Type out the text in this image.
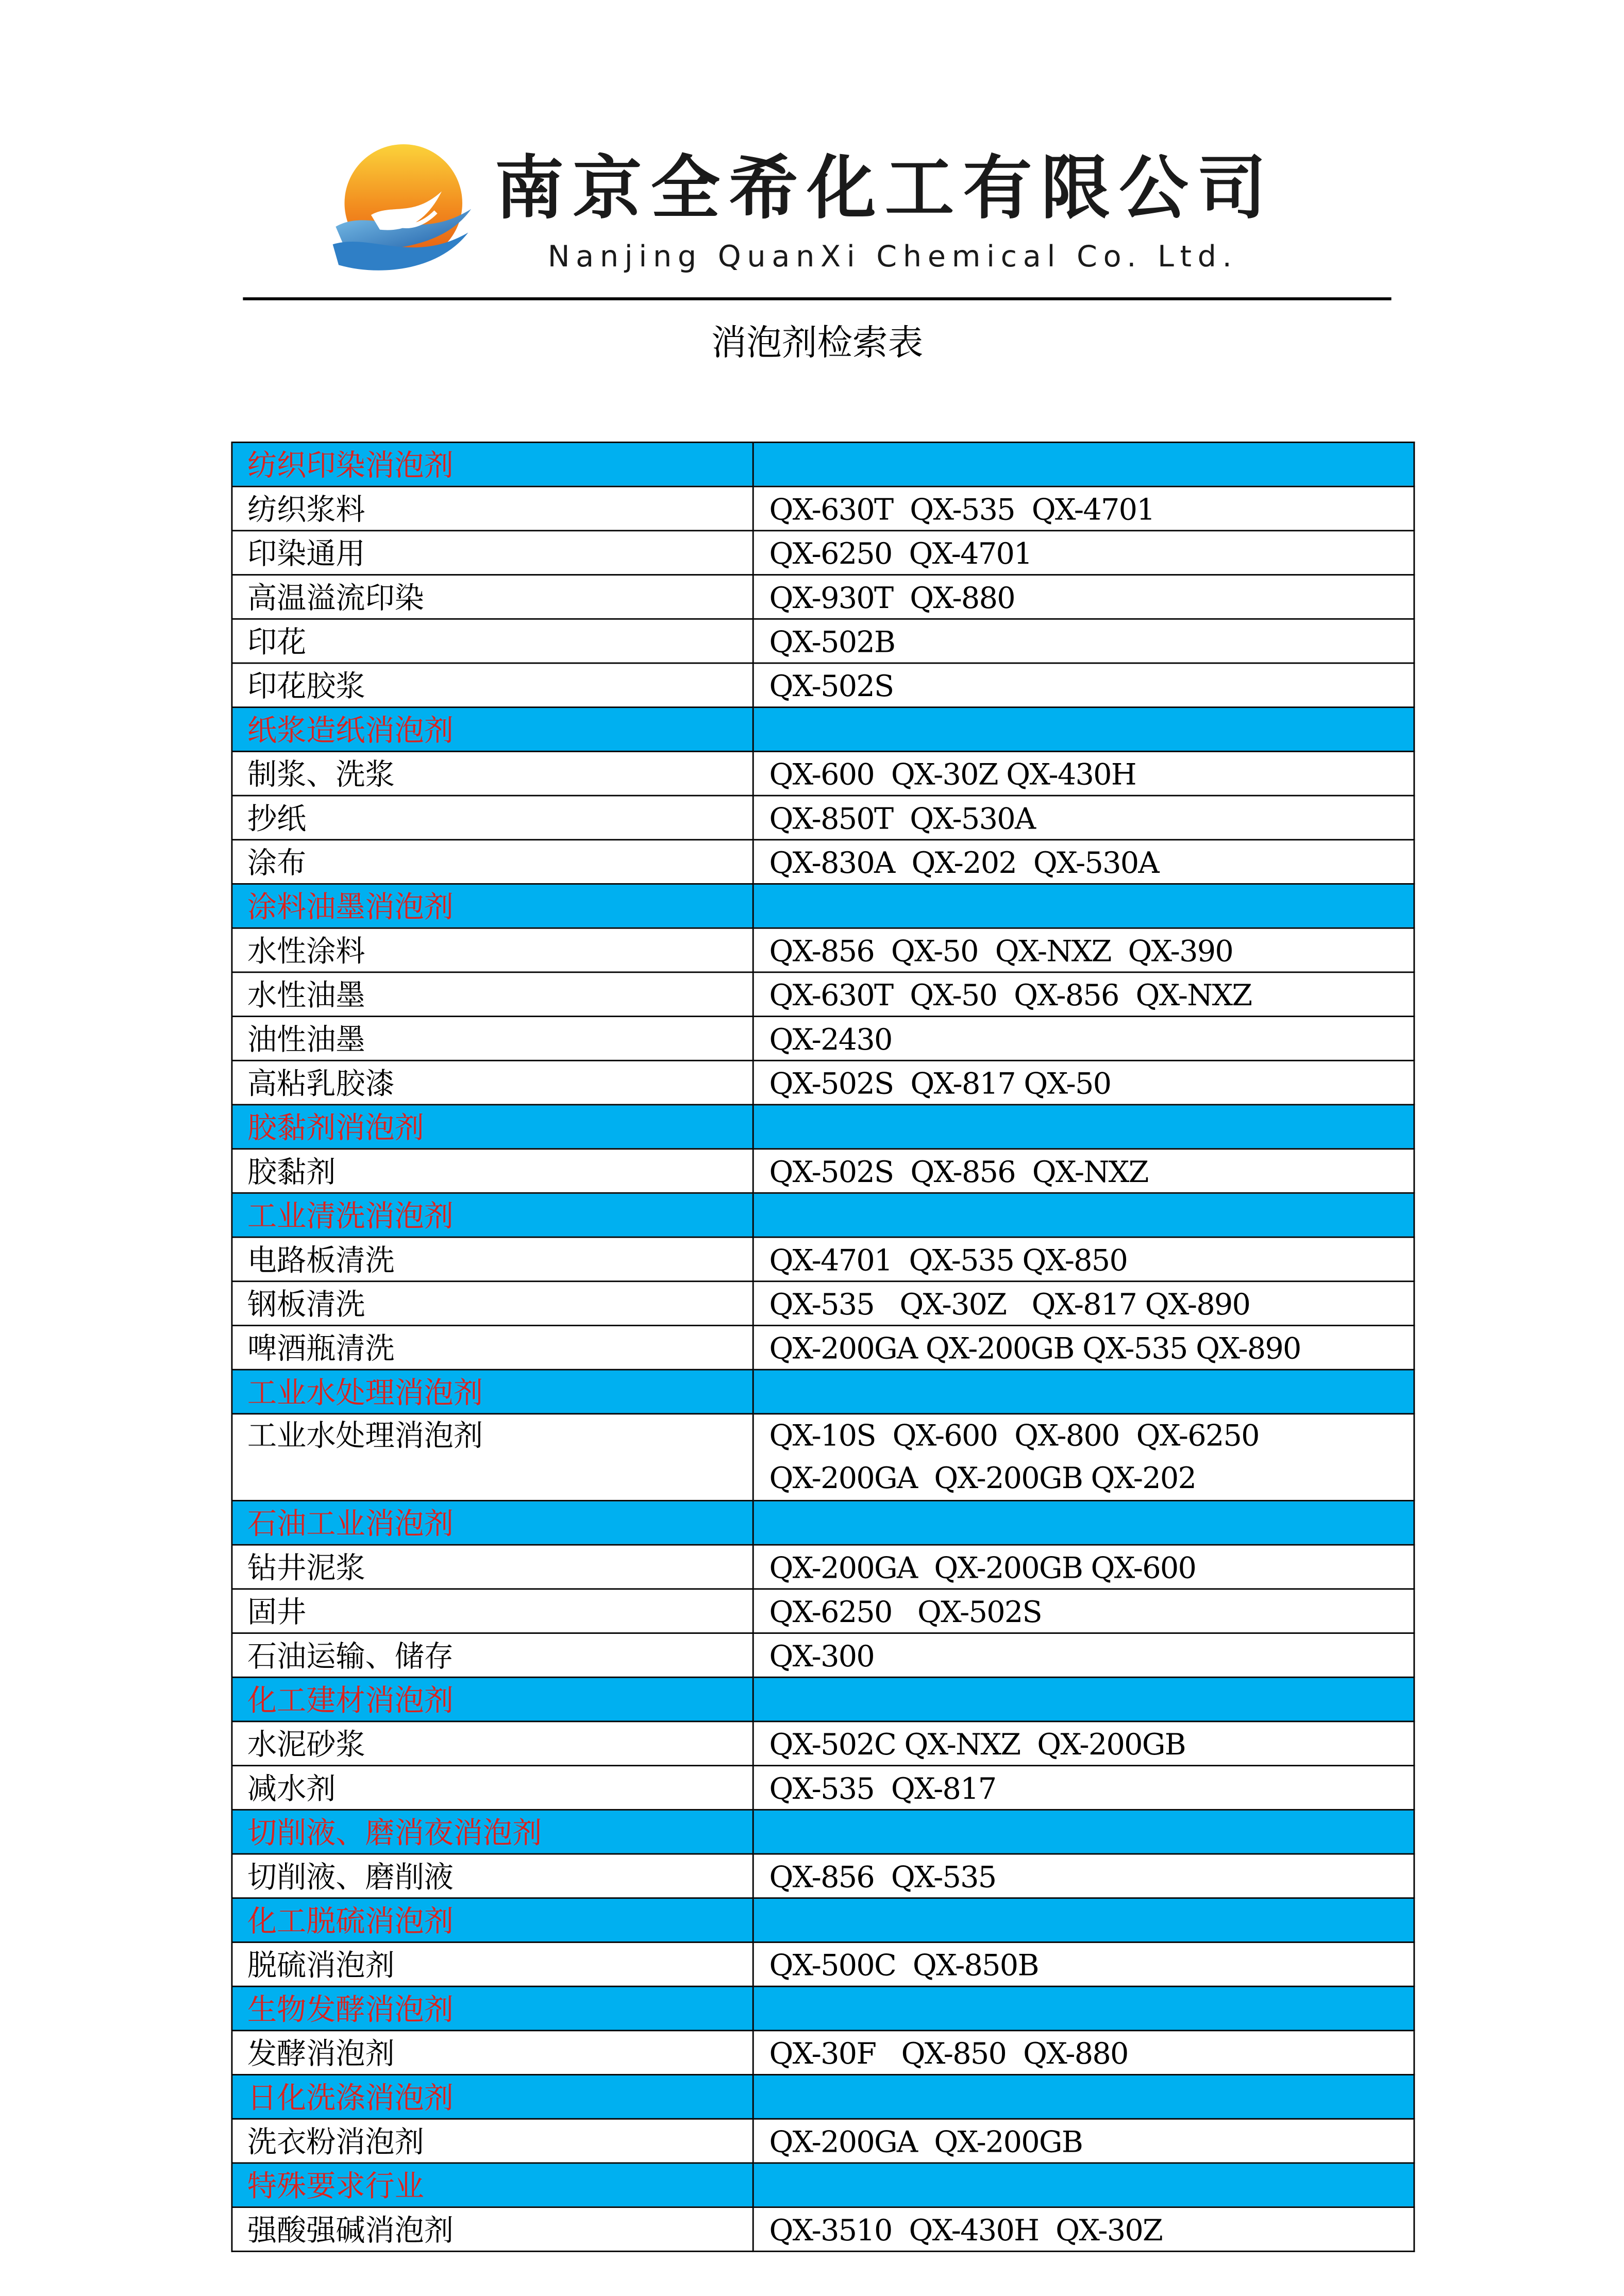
南京全希化工有限公司
Nanjing QuanXi Chemical Co. Ltd.
消泡剂检索表
纺织印染消泡剂	
纺织浆料	QX-630T  QX-535  QX-4701
印染通用	QX-6250  QX-4701
高温溢流印染	QX-930T  QX-880
印花	QX-502B
印花胶浆	QX-502S
纸浆造纸消泡剂	
制浆、洗浆	QX-600  QX-30Z QX-430H
抄纸	QX-850T  QX-530A
涂布	QX-830A  QX-202  QX-530A
涂料油墨消泡剂	
水性涂料	QX-856  QX-50  QX-NXZ  QX-390
水性油墨	QX-630T  QX-50  QX-856  QX-NXZ
油性油墨	QX-2430
高粘乳胶漆	QX-502S  QX-817 QX-50
胶黏剂消泡剂	
胶黏剂	QX-502S  QX-856  QX-NXZ
工业清洗消泡剂	
电路板清洗	QX-4701  QX-535 QX-850
钢板清洗	QX-535   QX-30Z   QX-817 QX-890
啤酒瓶清洗	QX-200GA QX-200GB QX-535 QX-890
工业水处理消泡剂	
工业水处理消泡剂	QX-10S  QX-600  QX-800  QX-6250
QX-200GA  QX-200GB QX-202

石油工业消泡剂	
钻井泥浆	QX-200GA  QX-200GB QX-600
固井	QX-6250   QX-502S
石油运输、储存	QX-300
化工建材消泡剂	
水泥砂浆	QX-502C QX-NXZ  QX-200GB
减水剂	QX-535  QX-817
切削液、磨消夜消泡剂	
切削液、磨削液	QX-856  QX-535
化工脱硫消泡剂	
脱硫消泡剂	QX-500C  QX-850B
生物发酵消泡剂	
发酵消泡剂	QX-30F   QX-850  QX-880
日化洗涤消泡剂	
洗衣粉消泡剂	QX-200GA  QX-200GB
特殊要求行业	
强酸强碱消泡剂	QX-3510  QX-430H  QX-30Z
